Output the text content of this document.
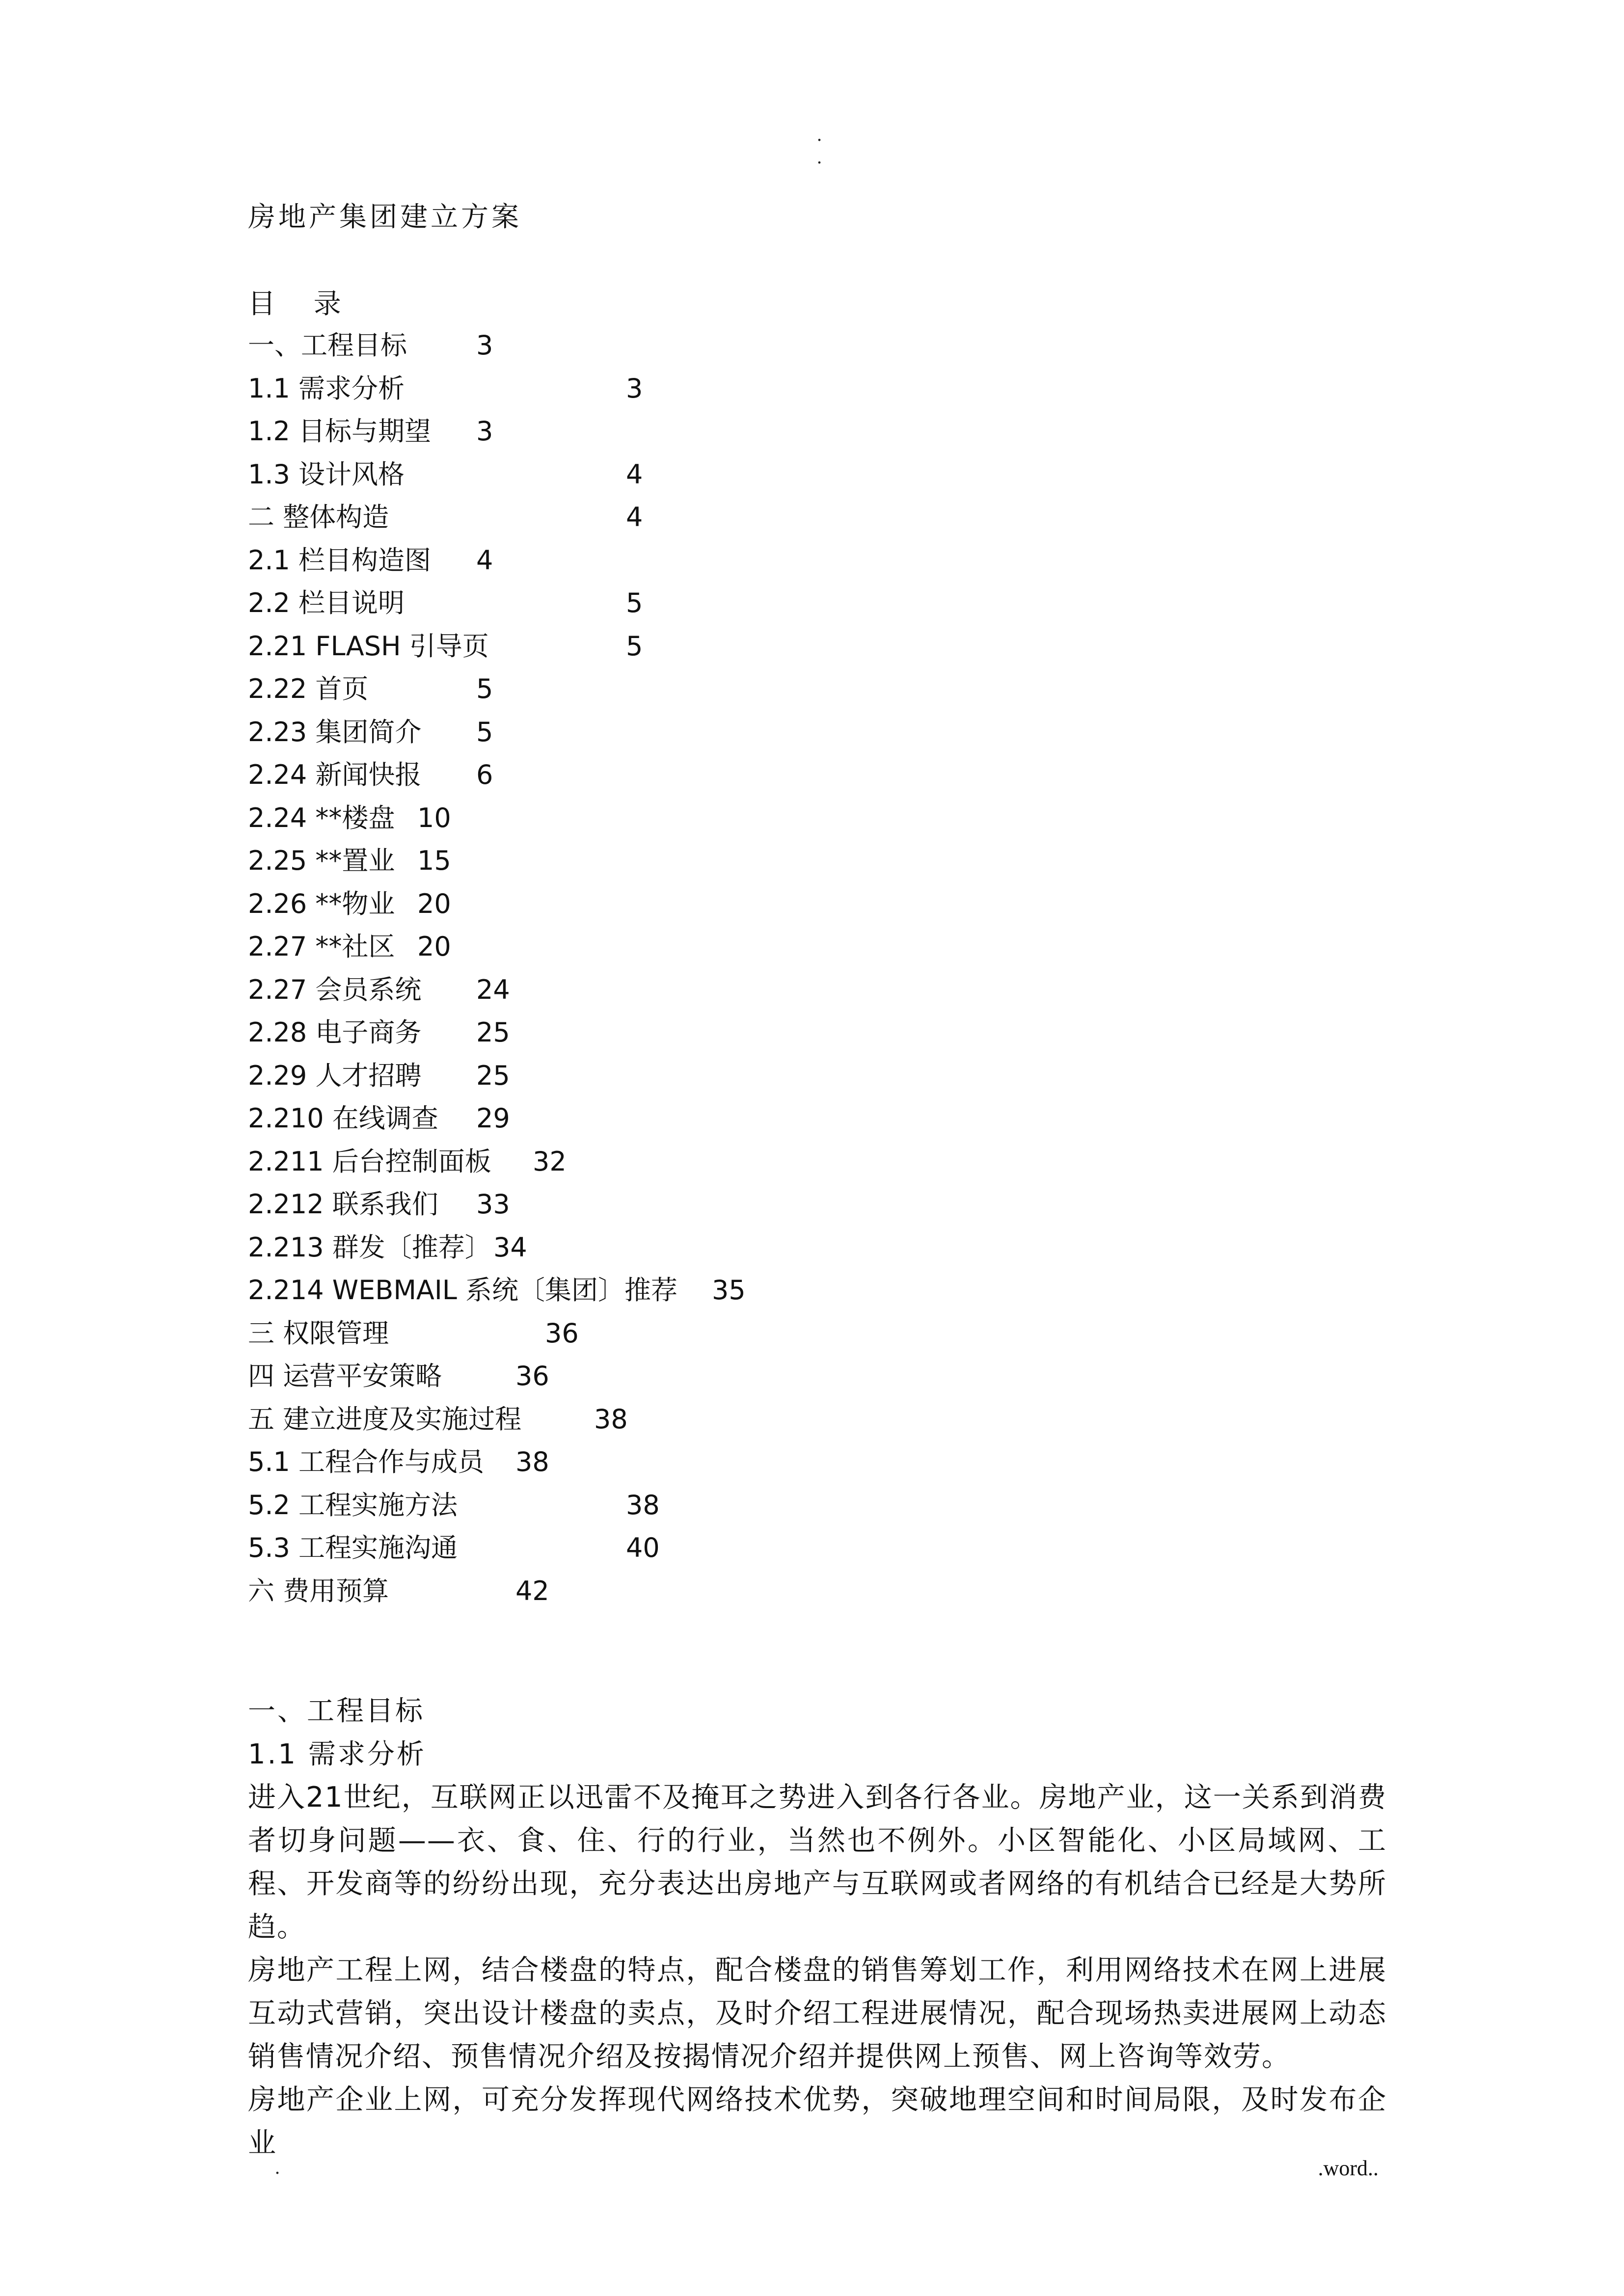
.
.
房地产集团建立方案
目 录
一、工程目标	3
1.1 需求分析	3
1.2 目标与期望 3
1.3 设计风格	4
二 整体构造	4
2.1 栏目构造图 4
2.2 栏目说明	5
2.21 FLASH 引导页	5
2.22 首页	5
2.23 集团简介 5
2.24 新闻快报 6
2.24 **楼盘 10
2.25 **置业 15
2.26 **物业 20
2.27 **社区 20
2.27 会员系统 24
2.28 电子商务 25
2.29 人才招聘 25
2.210 在线调查 29
2.211 后台控制面板 32
2.212 联系我们 33
2.213 群发〔推荐〕 34
2.214 WEBMAIL 系统〔集团〕推荐 35
三 权限管理	36
四 运营平安策略	36
五 建立进度及实施过程	38
5.1 工程合作与成员 38
5.2 工程实施方法	38
5.3 工程实施沟通	40
六 费用预算	42
一、工程目标
1.1 需求分析

进入21世纪，互联网正以迅雷不及掩耳之势进入到各行各业。房地产业，这一关系到消费者切身问题——衣、食、住、行的行业，当然也不例外。小区智能化、小区局域网、工程、开发商等的纷纷出现，充分表达出房地产与互联网或者网络的有机结合已经是大势所趋。

房地产工程上网，结合楼盘的特点，配合楼盘的销售筹划工作，利用网络技术在网上进展互动式营销，突出设计楼盘的卖点，及时介绍工程进展情况，配合现场热卖进展网上动态销售情况介绍、预售情况介绍及按揭情况介绍并提供网上预售、网上咨询等效劳。

房地产企业上网，可充分发挥现代网络技术优势，突破地理空间和时间局限，及时发布企业

.	.word..
